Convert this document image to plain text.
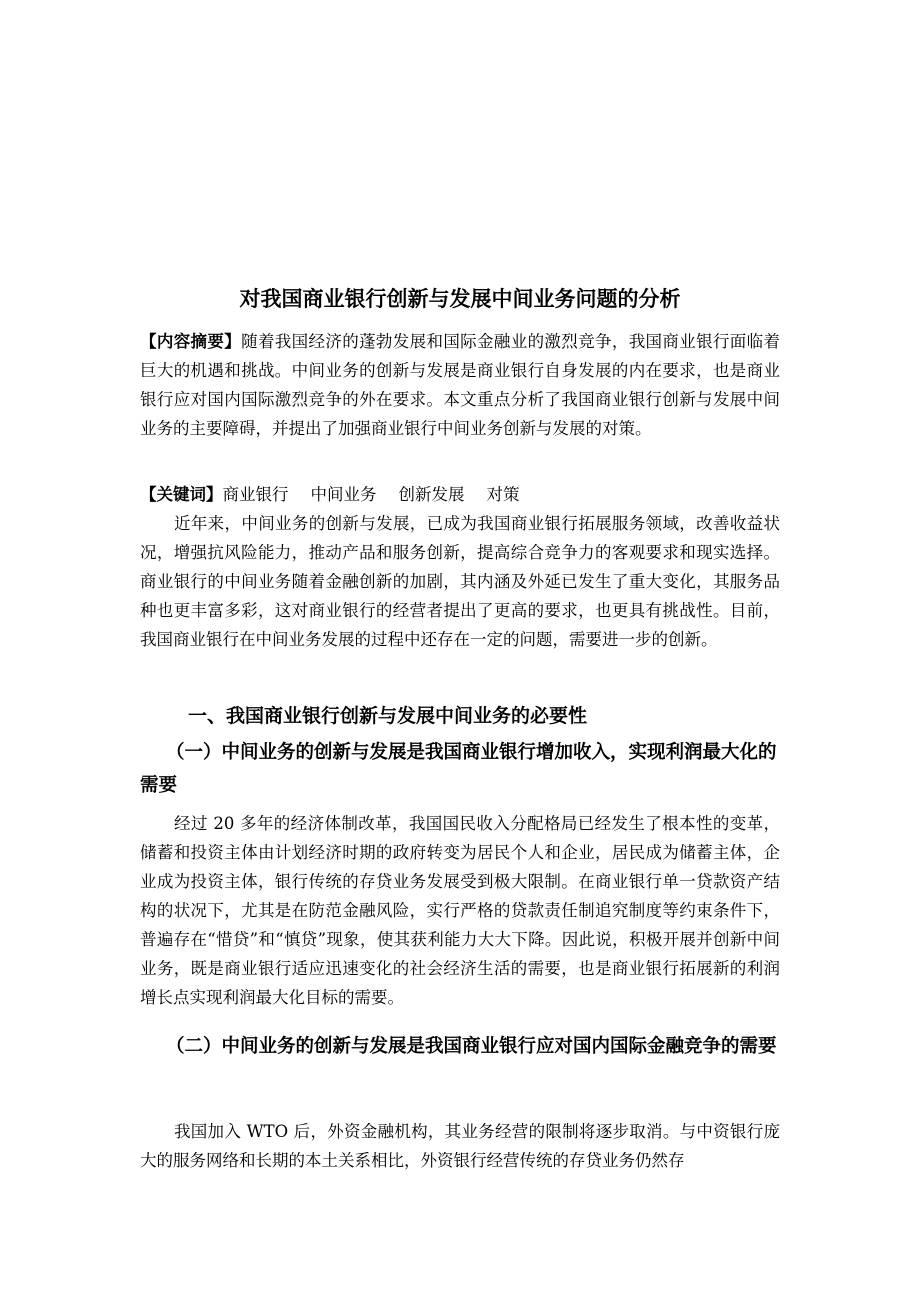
对我国商业银行创新与发展中间业务问题的分析

【内容摘要】随着我国经济的蓬勃发展和国际金融业的激烈竞争，我国商业银行面临着巨大的机遇和挑战。中间业务的创新与发展是商业银行自身发展的内在要求，也是商业银行应对国内国际激烈竞争的外在要求。本文重点分析了我国商业银行创新与发展中间业务的主要障碍，并提出了加强商业银行中间业务创新与发展的对策。

【关键词】商业银行 中间业务 创新发展 对策

近年来，中间业务的创新与发展，已成为我国商业银行拓展服务领域，改善收益状况，增强抗风险能力，推动产品和服务创新，提高综合竞争力的客观要求和现实选择。商业银行的中间业务随着金融创新的加剧，其内涵及外延已发生了重大变化，其服务品种也更丰富多彩，这对商业银行的经营者提出了更高的要求，也更具有挑战性。目前，我国商业银行在中间业务发展的过程中还存在一定的问题，需要进一步的创新。

一、我国商业银行创新与发展中间业务的必要性
（一）中间业务的创新与发展是我国商业银行增加收入，实现利润最大化的需要

经过 20 多年的经济体制改革，我国国民收入分配格局已经发生了根本性的变革，储蓄和投资主体由计划经济时期的政府转变为居民个人和企业，居民成为储蓄主体，企业成为投资主体，银行传统的存贷业务发展受到极大限制。在商业银行单一贷款资产结构的状况下，尤其是在防范金融风险，实行严格的贷款责任制追究制度等约束条件下，普遍存在“惜贷”和“慎贷”现象，使其获利能力大大下降。因此说，积极开展并创新中间业务，既是商业银行适应迅速变化的社会经济生活的需要，也是商业银行拓展新的利润增长点实现利润最大化目标的需要。

（二）中间业务的创新与发展是我国商业银行应对国内国际金融竞争的需要

我国加入 WTO 后，外资金融机构，其业务经营的限制将逐步取消。与中资银行庞大的服务网络和长期的本土关系相比，外资银行经营传统的存贷业务仍然存
